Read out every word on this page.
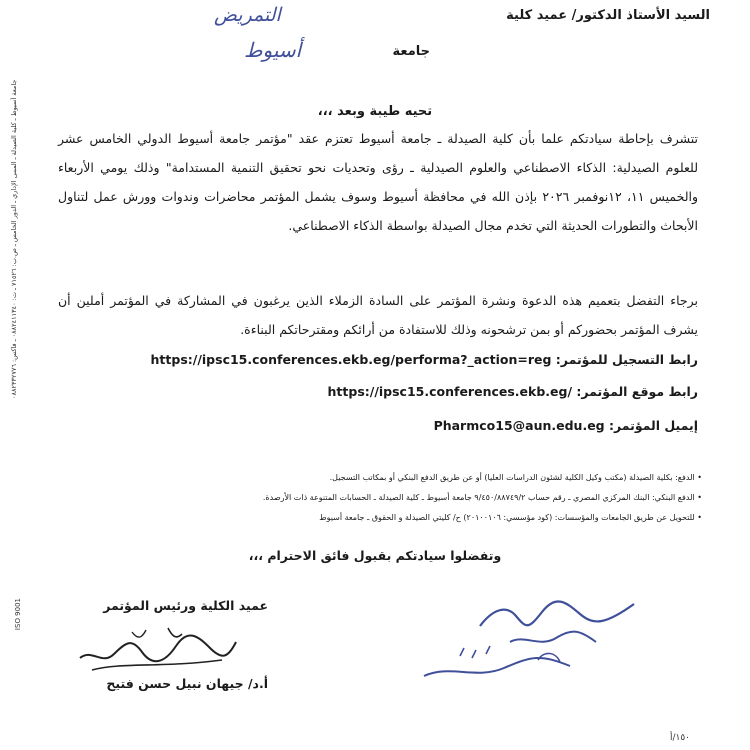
السيد الأستاذ الدكتور/ عميد كلية
التمريض
جامعة
أسيوط
تحيه طيبة وبعد ،،،
تتشرف بإحاطة سيادتكم علما بأن كلية الصيدلة ـ جامعة أسيوط تعتزم عقد "مؤتمر جامعة أسيوط الدولي الخامس عشر للعلوم الصيدلية: الذكاء الاصطناعي والعلوم الصيدلية ـ رؤى وتحديات نحو تحقيق التنمية المستدامة" وذلك يومي الأربعاء والخميس ١١، ١٢نوفمبر ٢٠٢٦ بإذن الله في محافظة أسيوط وسوف يشمل المؤتمر محاضرات وندوات وورش عمل لتناول الأبحاث والتطورات الحديثة التي تخدم مجال الصيدلة بواسطة الذكاء الاصطناعي.
برجاء التفضل بتعميم هذه الدعوة ونشرة المؤتمر على السادة الزملاء الذين يرغبون في المشاركة في المؤتمر أملين أن يشرف المؤتمر بحضوركم أو بمن ترشحونه وذلك للاستفادة من أرائكم ومقترحاتكم البناءة.
رابط التسجيل للمؤتمر: https://ipsc15.conferences.ekb.eg/performa?_action=reg
رابط موقع المؤتمر: https://ipsc15.conferences.ekb.eg/
إيميل المؤتمر: Pharmco15@aun.edu.eg
• الدفع: بكلية الصيدلة (مكتب وكيل الكلية لشئون الدراسات العليا) أو عن طريق الدفع البنكي أو بمكاتب التسجيل.
• الدفع البنكي: البنك المركزي المصري ـ رقم حساب ٩/٤٥٠/٨٨٧٤٩/٢ جامعة أسيوط ـ كلية الصيدلة ـ الحسابات المتنوعة ذات الأرصدة.
• للتحويل عن طريق الجامعات والمؤسسات: (كود مؤسسي: ٢٠١٠٠١٠٦) ح/ كليتي الصيدلة و الحقوق ـ جامعة أسيوط
وتفضلوا سيادتكم بقبول فائق الاحترام ،،،
عميد الكلية ورئيس المؤتمر
أ.د/ جيهان نبيل حسن فتيح
جامعة أسيوط ـ كلية الصيدلة ـ المبنى الإداري ـ الدور الخامس ـ ص.ب: ٧١٥٢٦ ـ ت: ٠٨٨٢٤١١٣٤٠ ـ فاكس: ٠٨٨٢٣٣٢٧٧٦
ISO 9001
١٥٠/أ
